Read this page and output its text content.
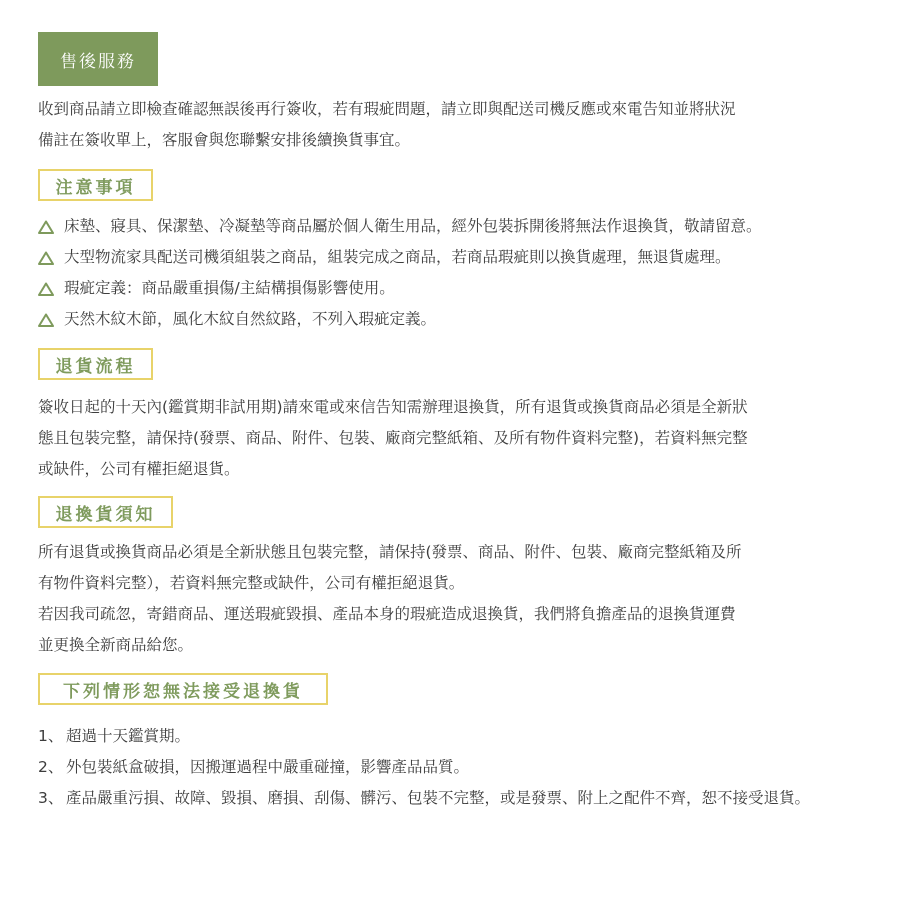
售後服務
收到商品請立即檢查確認無誤後再行簽收，若有瑕疵問題，請立即與配送司機反應或來電告知並將狀況
備註在簽收單上，客服會與您聯繫安排後續換貨事宜。
注意事項
床墊、寢具、保潔墊、冷凝墊等商品屬於個人衛生用品，經外包裝拆開後將無法作退換貨，敬請留意。
大型物流家具配送司機須組裝之商品，組裝完成之商品，若商品瑕疵則以換貨處理，無退貨處理。
瑕疵定義：商品嚴重損傷/主結構損傷影響使用。
天然木紋木節，風化木紋自然紋路，不列入瑕疵定義。
退貨流程
簽收日起的十天內(鑑賞期非試用期)請來電或來信告知需辦理退換貨，所有退貨或換貨商品必須是全新狀
態且包裝完整，請保持(發票、商品、附件、包裝、廠商完整紙箱、及所有物件資料完整)，若資料無完整
或缺件，公司有權拒絕退貨。
退換貨須知
所有退貨或換貨商品必須是全新狀態且包裝完整，請保持(發票、商品、附件、包裝、廠商完整紙箱及所
有物件資料完整），若資料無完整或缺件，公司有權拒絕退貨。
若因我司疏忽，寄錯商品、運送瑕疵毀損、產品本身的瑕疵造成退換貨，我們將負擔產品的退換貨運費
並更換全新商品給您。
下列情形恕無法接受退換貨
1、 超過十天鑑賞期。
2、 外包裝紙盒破損，因搬運過程中嚴重碰撞，影響產品品質。
3、 產品嚴重污損、故障、毀損、磨損、刮傷、髒污、包裝不完整，或是發票、附上之配件不齊，恕不接受退貨。
